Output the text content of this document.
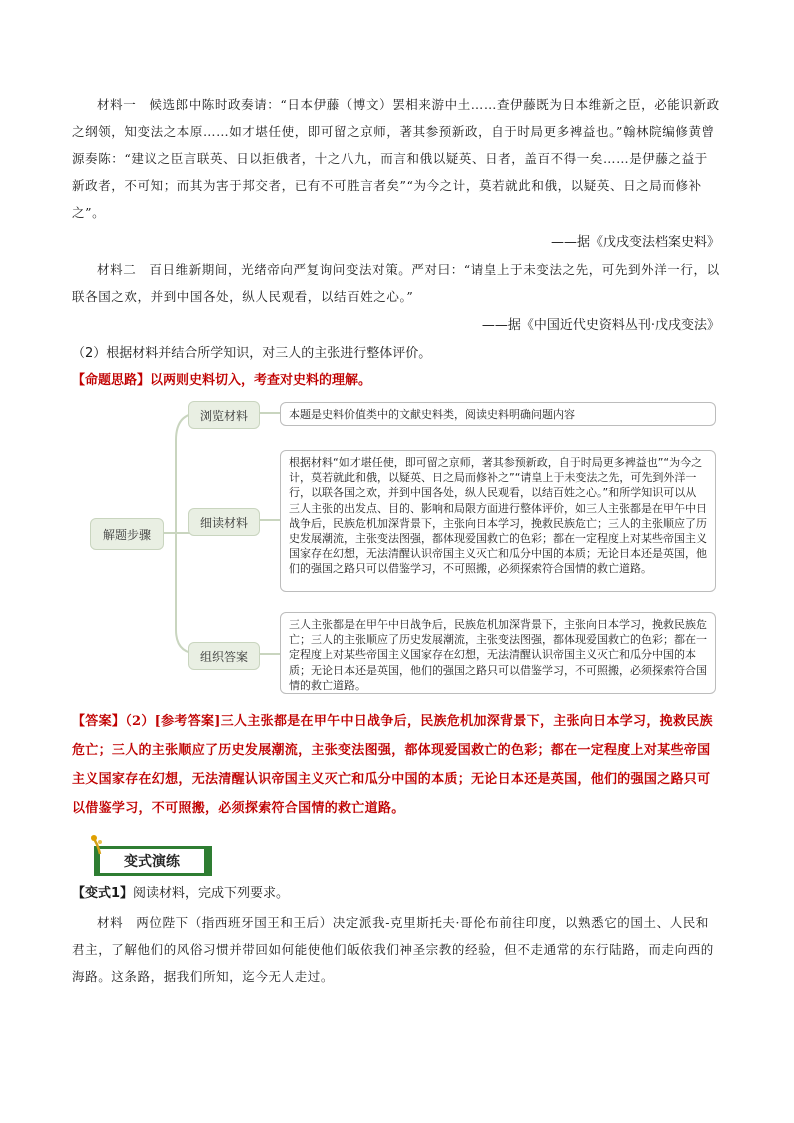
材料一　候选郎中陈时政奏请：“日本伊藤（博文）罢相来游中土……查伊藤既为日本维新之臣，必能识新政之纲领，知变法之本原……如才堪任使，即可留之京师，著其参预新政，自于时局更多裨益也。”翰林院编修黄曾源奏陈：“建议之臣言联英、日以拒俄者，十之八九，而言和俄以疑英、日者，盖百不得一矣……是伊藤之益于新政者，不可知；而其为害于邦交者，已有不可胜言者矣”“为今之计，莫若就此和俄，以疑英、日之局而修补之”。
——据《戊戌变法档案史料》
材料二　百日维新期间，光绪帝向严复询问变法对策。严对曰：“请皇上于未变法之先，可先到外洋一行，以联各国之欢，并到中国各处，纵人民观看，以结百姓之心。”
——据《中国近代史资料丛刊·戊戌变法》
（2）根据材料并结合所学知识，对三人的主张进行整体评价。
【命题思路】以两则史料切入，考查对史料的理解。
解题步骤
浏览材料
细读材料
组织答案
本题是史料价值类中的文献史料类，阅读史料明确问题内容
根据材料“如才堪任使，即可留之京师，著其参预新政，自于时局更多裨益也”“为今之计，莫若就此和俄，以疑英、日之局而修补之”“请皇上于未变法之先，可先到外洋一行，以联各国之欢，并到中国各处，纵人民观看，以结百姓之心。”和所学知识可以从三人主张的出发点、目的、影响和局限方面进行整体评价，如三人主张都是在甲午中日战争后，民族危机加深背景下，主张向日本学习，挽救民族危亡；三人的主张顺应了历史发展潮流，主张变法图强，都体现爱国救亡的色彩；都在一定程度上对某些帝国主义国家存在幻想，无法清醒认识帝国主义灭亡和瓜分中国的本质；无论日本还是英国，他们的强国之路只可以借鉴学习，不可照搬，必须探索符合国情的救亡道路。
三人主张都是在甲午中日战争后，民族危机加深背景下，主张向日本学习，挽救民族危亡；三人的主张顺应了历史发展潮流，主张变法图强，都体现爱国救亡的色彩；都在一定程度上对某些帝国主义国家存在幻想，无法清醒认识帝国主义灭亡和瓜分中国的本质；无论日本还是英国，他们的强国之路只可以借鉴学习，不可照搬，必须探索符合国情的救亡道路。
【答案】（2）[参考答案]三人主张都是在甲午中日战争后，民族危机加深背景下，主张向日本学习，挽救民族危亡；三人的主张顺应了历史发展潮流，主张变法图强，都体现爱国救亡的色彩；都在一定程度上对某些帝国主义国家存在幻想，无法清醒认识帝国主义灭亡和瓜分中国的本质；无论日本还是英国，他们的强国之路只可以借鉴学习，不可照搬，必须探索符合国情的救亡道路。
变式演练
【变式1】阅读材料，完成下列要求。
材料　两位陛下（指西班牙国王和王后）决定派我-克里斯托夫·哥伦布前往印度，以熟悉它的国土、人民和君主，了解他们的风俗习惯并带回如何能使他们皈依我们神圣宗教的经验，但不走通常的东行陆路，而走向西的海路。这条路，据我们所知，迄今无人走过。
